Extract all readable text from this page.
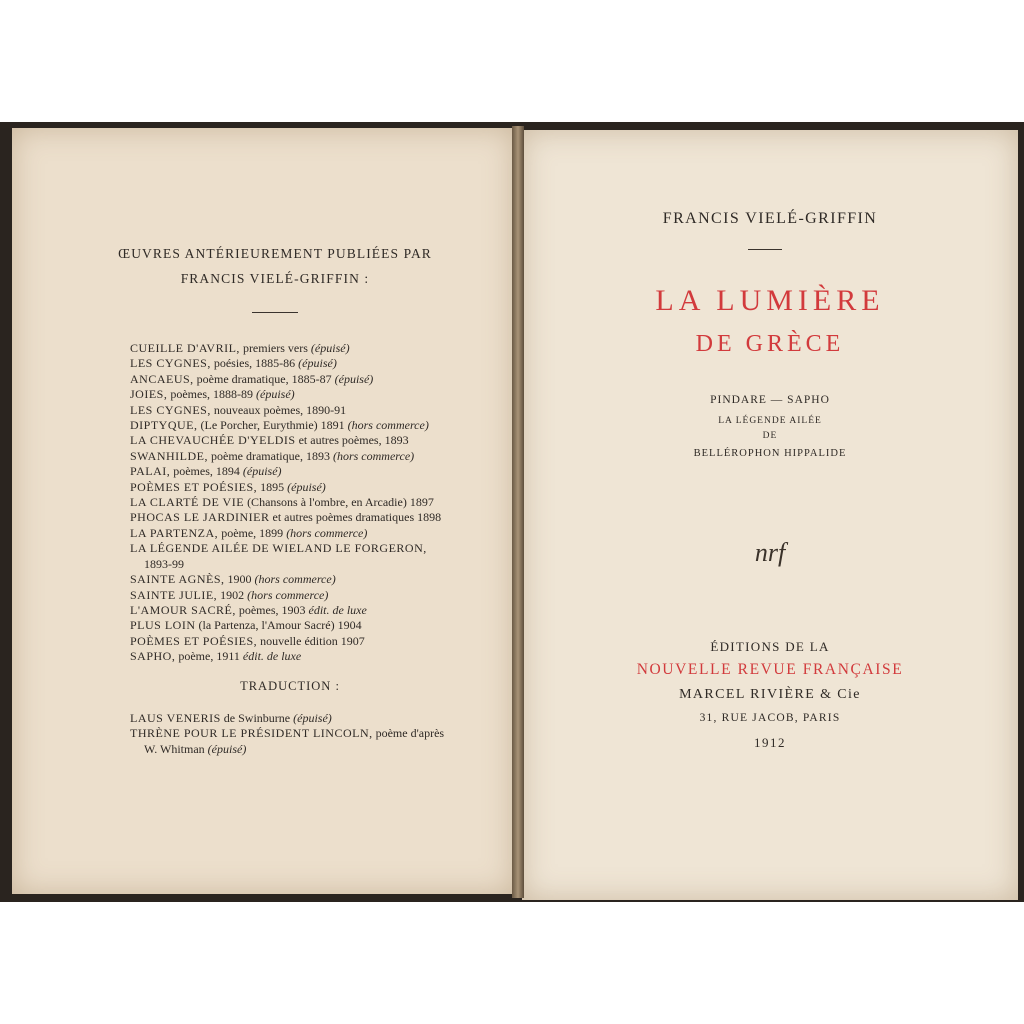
ŒUVRES ANTÉRIEUREMENT PUBLIÉES PAR
FRANCIS VIELÉ-GRIFFIN :
CUEILLE D'AVRIL, premiers vers (épuisé)
LES CYGNES, poésies, 1885-86 (épuisé)
ANCAEUS, poème dramatique, 1885-87 (épuisé)
JOIES, poèmes, 1888-89 (épuisé)
LES CYGNES, nouveaux poèmes, 1890-91
DIPTYQUE, (Le Porcher, Eurythmie) 1891 (hors commerce)
LA CHEVAUCHÉE D'YELDIS et autres poèmes, 1893
SWANHILDE, poème dramatique, 1893 (hors commerce)
PALAI, poèmes, 1894 (épuisé)
POÈMES ET POÉSIES, 1895 (épuisé)
LA CLARTÉ DE VIE (Chansons à l'ombre, en Arcadie) 1897
PHOCAS LE JARDINIER et autres poèmes dramatiques 1898
LA PARTENZA, poème, 1899 (hors commerce)
LA LÉGENDE AILÉE DE WIELAND LE FORGERON,
1893-99
SAINTE AGNÈS, 1900 (hors commerce)
SAINTE JULIE, 1902 (hors commerce)
L'AMOUR SACRÉ, poèmes, 1903 édit. de luxe
PLUS LOIN (la Partenza, l'Amour Sacré) 1904
POÈMES ET POÉSIES, nouvelle édition 1907
SAPHO, poème, 1911 édit. de luxe
TRADUCTION :
LAUS VENERIS de Swinburne (épuisé)
THRÈNE POUR LE PRÉSIDENT LINCOLN, poème d'après
W. Whitman (épuisé)
FRANCIS VIELÉ-GRIFFIN
LA LUMIÈRE
DE GRÈCE
PINDARE — SAPHO
LA LÉGENDE AILÉE
DE
BELLÉROPHON HIPPALIDE
nrf
ÉDITIONS DE LA
NOUVELLE REVUE FRANÇAISE
MARCEL RIVIÈRE & Cie
31, RUE JACOB, PARIS
1912
